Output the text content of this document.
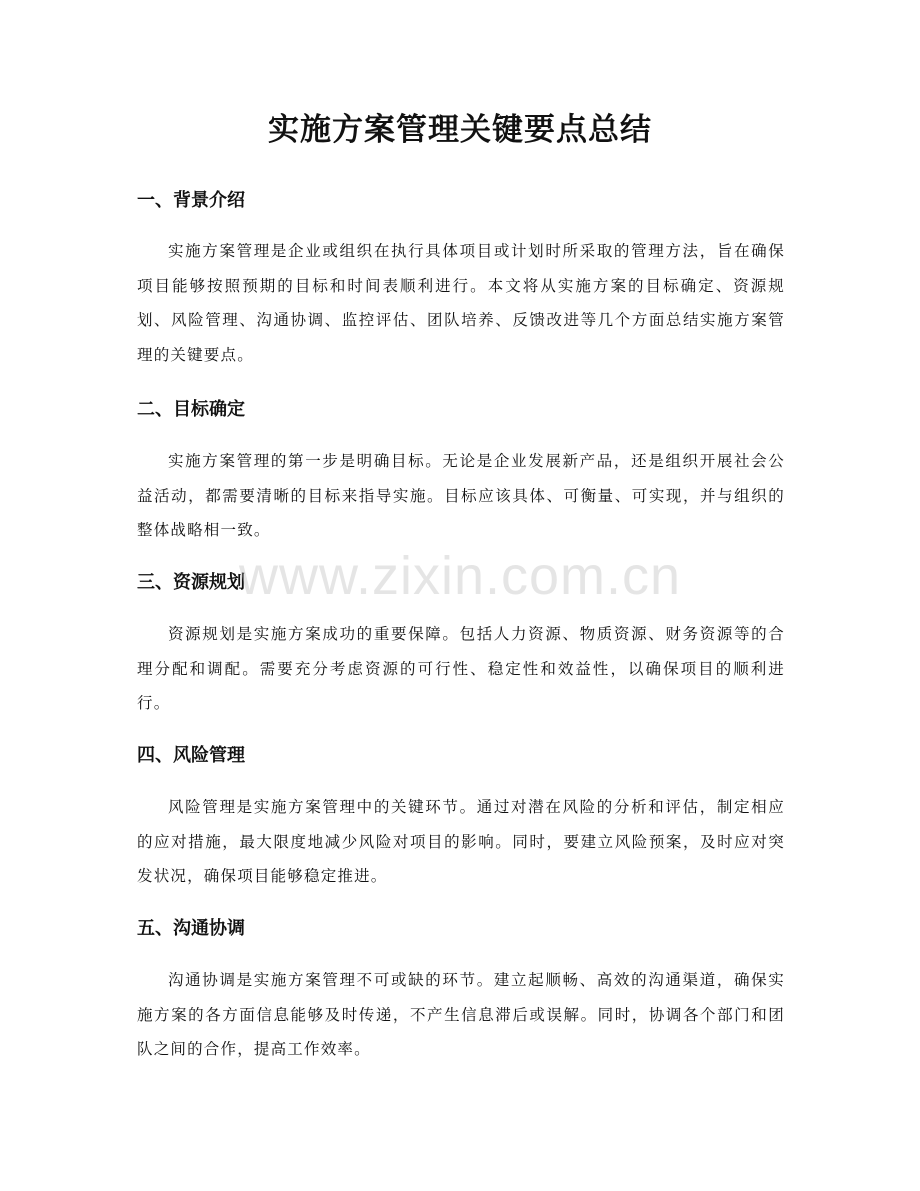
实施方案管理关键要点总结
一、背景介绍

实施方案管理是企业或组织在执行具体项目或计划时所采取的管理方法，旨在确保项目能够按照预期的目标和时间表顺利进行。本文将从实施方案的目标确定、资源规划、风险管理、沟通协调、监控评估、团队培养、反馈改进等几个方面总结实施方案管理的关键要点。

二、目标确定

实施方案管理的第一步是明确目标。无论是企业发展新产品，还是组织开展社会公益活动，都需要清晰的目标来指导实施。目标应该具体、可衡量、可实现，并与组织的整体战略相一致。

三、资源规划

资源规划是实施方案成功的重要保障。包括人力资源、物质资源、财务资源等的合理分配和调配。需要充分考虑资源的可行性、稳定性和效益性，以确保项目的顺利进行。

四、风险管理

风险管理是实施方案管理中的关键环节。通过对潜在风险的分析和评估，制定相应的应对措施，最大限度地减少风险对项目的影响。同时，要建立风险预案，及时应对突发状况，确保项目能够稳定推进。

五、沟通协调

沟通协调是实施方案管理不可或缺的环节。建立起顺畅、高效的沟通渠道，确保实施方案的各方面信息能够及时传递，不产生信息滞后或误解。同时，协调各个部门和团队之间的合作，提高工作效率。

www.zixin.com.cn
